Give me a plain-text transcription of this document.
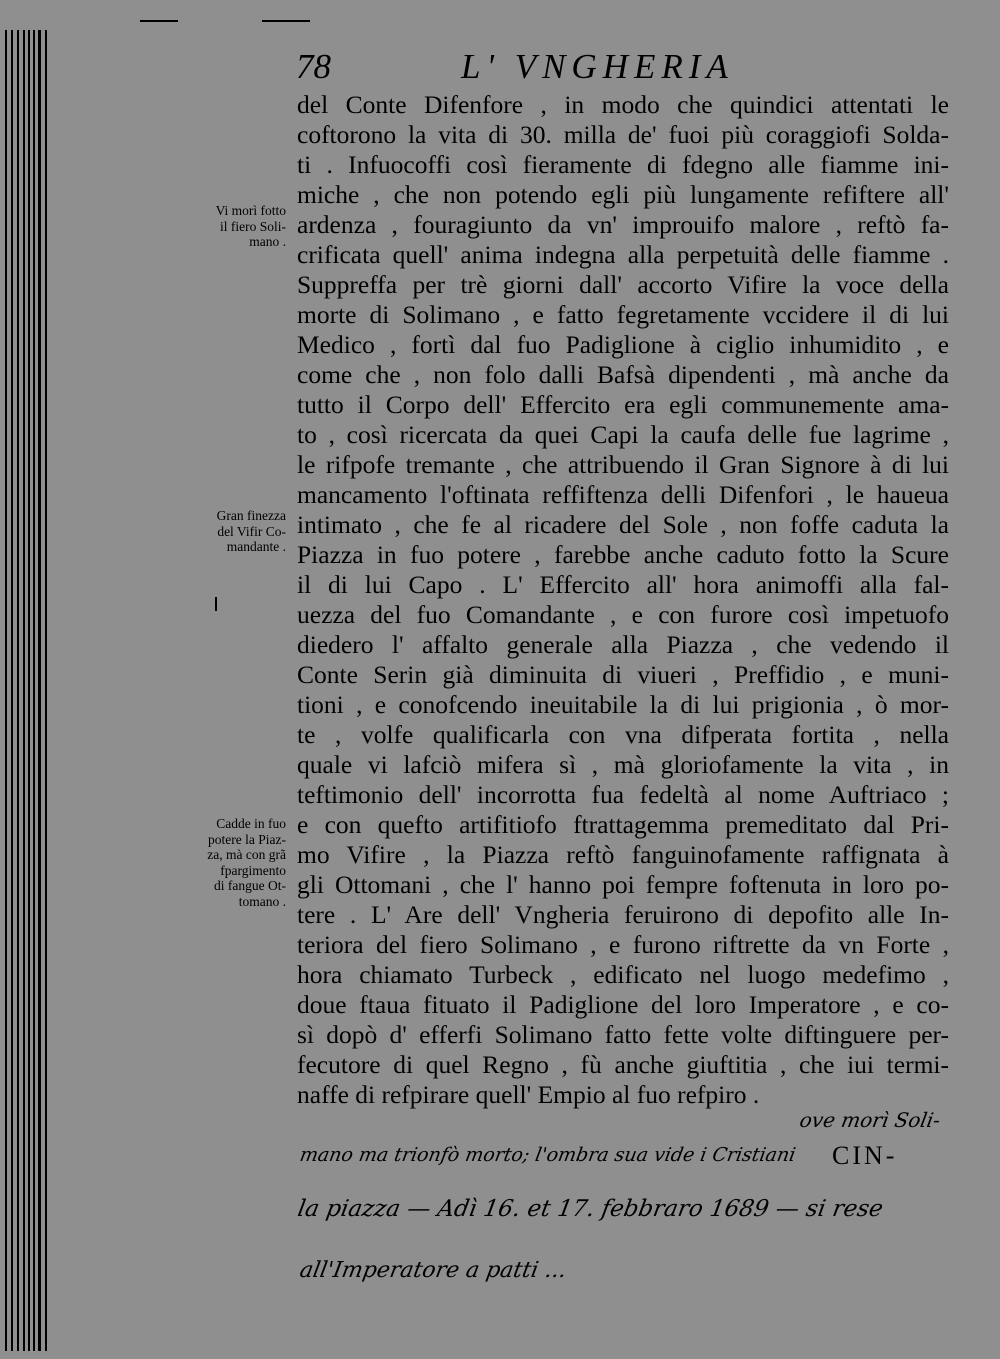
78	L' VNGHERIA
del Conte Difenfore , in modo che quindici attentati le
coftorono la vita di 30. milla de' fuoi più coraggiofi Solda-
ti . Infuocoffi così fieramente di fdegno alle fiamme ini-
miche , che non potendo egli più lungamente refiftere all'
ardenza , fouragiunto da vn' improuifo malore , reftò fa-
crificata quell' anima indegna alla perpetuità delle fiamme .
Suppreffa per trè giorni dall' accorto Vifire la voce della
morte di Solimano , e fatto fegretamente vccidere il di lui
Medico , fortì dal fuo Padiglione à ciglio inhumidito , e
come che , non folo dalli Bafsà dipendenti , mà anche da
tutto il Corpo dell' Effercito era egli communemente ama-
to , così ricercata da quei Capi la caufa delle fue lagrime ,
le rifpofe tremante , che attribuendo il Gran Signore à di lui
mancamento l'oftinata reffiftenza delli Difenfori , le haueua
intimato , che fe al ricadere del Sole , non foffe caduta la
Piazza in fuo potere , farebbe anche caduto fotto la Scure
il di lui Capo . L' Effercito all' hora animoffi alla fal-
uezza del fuo Comandante , e con furore così impetuofo
diedero l' affalto generale alla Piazza , che vedendo il
Conte Serin già diminuita di viueri , Preffidio , e muni-
tioni , e conofcendo ineuitabile la di lui prigionia , ò mor-
te , volfe qualificarla con vna difperata fortita , nella
quale vi lafciò mifera sì , mà gloriofamente la vita , in
teftimonio dell' incorrotta fua fedeltà al nome Auftriaco ;
e con quefto artifitiofo ftrattagemma premeditato dal Pri-
mo Vifire , la Piazza reftò fanguinofamente raffignata à
gli Ottomani , che l' hanno poi fempre foftenuta in loro po-
tere . L' Are dell' Vngheria feruirono di depofito alle In-
teriora del fiero Solimano , e furono riftrette da vn Forte ,
hora chiamato Turbeck , edificato nel luogo medefimo ,
doue ftaua fituato il Padiglione del loro Imperatore , e co-
sì dopò d' efferfi Solimano fatto fette volte diftinguere per-
fecutore di quel Regno , fù anche giuftitia , che iui termi-
naffe di refpirare quell' Empio al fuo refpiro .
Vi morì fotto
il fiero Soli-
mano .
Gran finezza
del Vifir Co-
mandante .
Cadde in fuo
potere la Piaz-
za, mà con grã
fpargimento
di fangue Ot-
tomano .
ove morì Soli-
mano ma trionfò morto; l'ombra sua vide i Cristiani CIN-
la piazza — Adì 16. et 17. febbraro 1689 — si rese
all'Imperatore a patti ...
